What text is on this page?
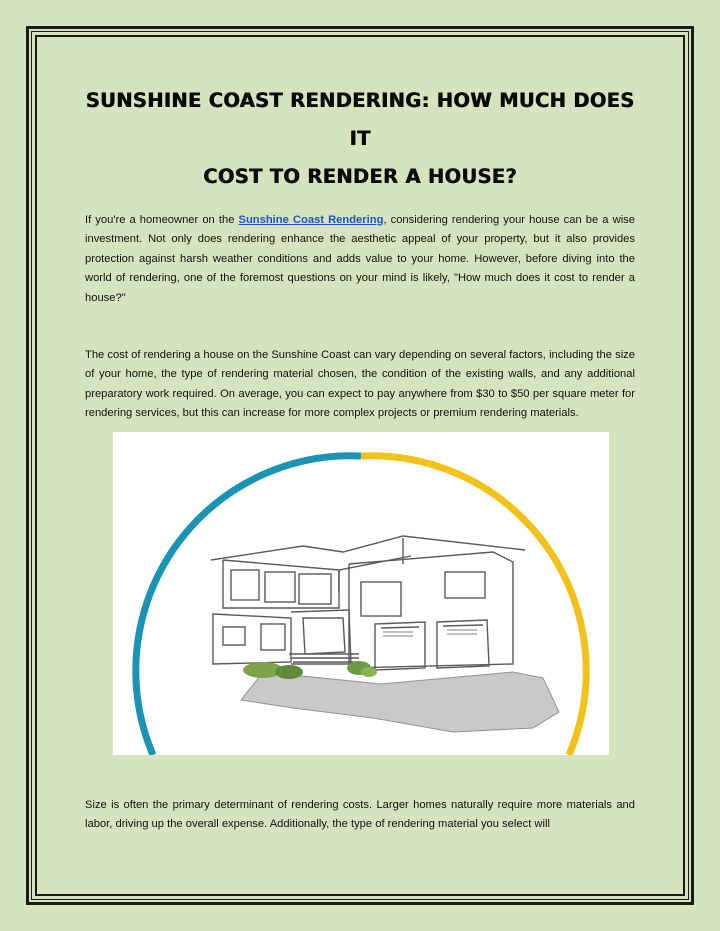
SUNSHINE COAST RENDERING: HOW MUCH DOES IT
COST TO RENDER A HOUSE?

If you're a homeowner on the Sunshine Coast Rendering, considering rendering your house can be a wise investment. Not only does rendering enhance the aesthetic appeal of your property, but it also provides protection against harsh weather conditions and adds value to your home. However, before diving into the world of rendering, one of the foremost questions on your mind is likely, "How much does it cost to render a house?"

The cost of rendering a house on the Sunshine Coast can vary depending on several factors, including the size of your home, the type of rendering material chosen, the condition of the existing walls, and any additional preparatory work required. On average, you can expect to pay anywhere from $30 to $50 per square meter for rendering services, but this can increase for more complex projects or premium rendering materials.

Size is often the primary determinant of rendering costs. Larger homes naturally require more materials and labor, driving up the overall expense. Additionally, the type of rendering material you select will
